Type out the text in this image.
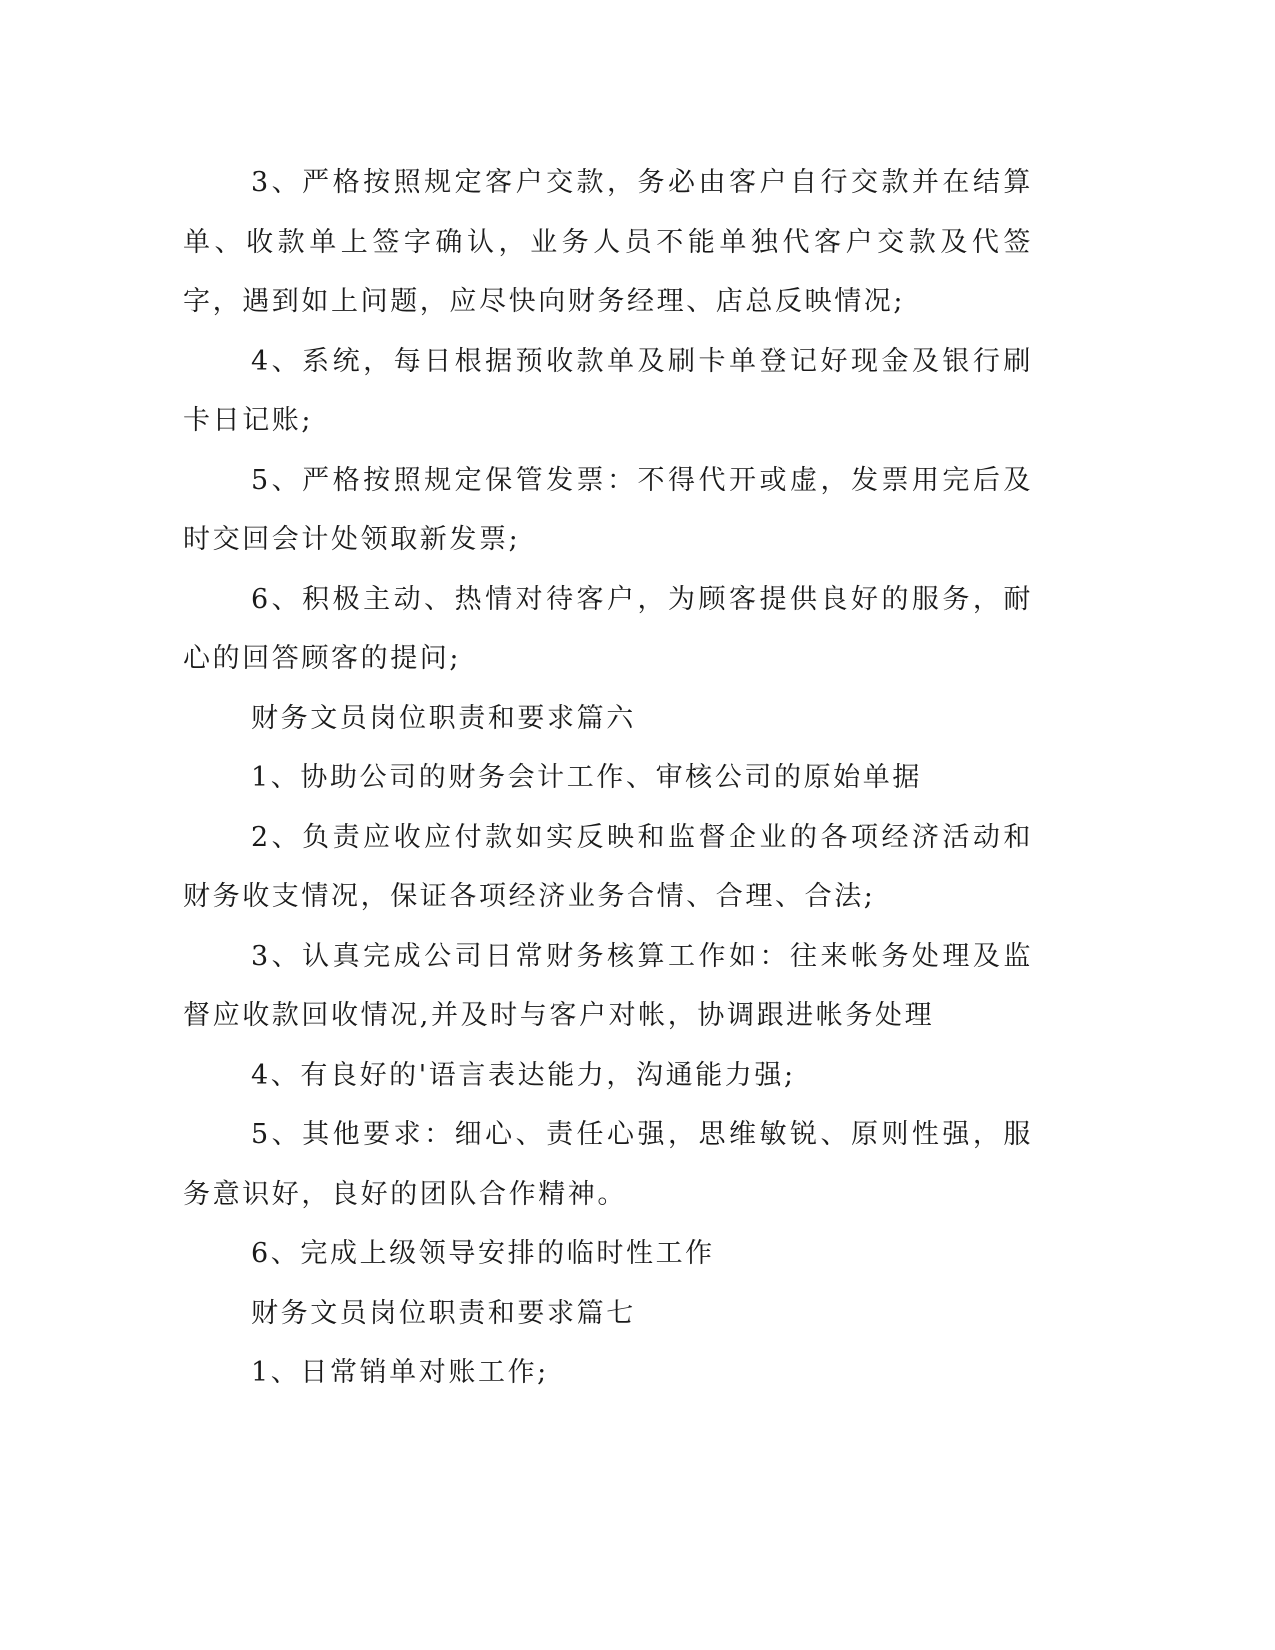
3、严格按照规定客户交款，务必由客户自行交款并在结算单、收款单上签字确认，业务人员不能单独代客户交款及代签字，遇到如上问题，应尽快向财务经理、店总反映情况;

4、系统，每日根据预收款单及刷卡单登记好现金及银行刷卡日记账;

5、严格按照规定保管发票：不得代开或虚，发票用完后及时交回会计处领取新发票;

6、积极主动、热情对待客户，为顾客提供良好的服务，耐心的回答顾客的提问;

财务文员岗位职责和要求篇六

1、协助公司的财务会计工作、审核公司的原始单据

2、负责应收应付款如实反映和监督企业的各项经济活动和财务收支情况，保证各项经济业务合情、合理、合法;

3、认真完成公司日常财务核算工作如：往来帐务处理及监督应收款回收情况,并及时与客户对帐，协调跟进帐务处理

4、有良好的'语言表达能力，沟通能力强;

5、其他要求：细心、责任心强，思维敏锐、原则性强，服务意识好，良好的团队合作精神。

6、完成上级领导安排的临时性工作

财务文员岗位职责和要求篇七

1、日常销单对账工作;
